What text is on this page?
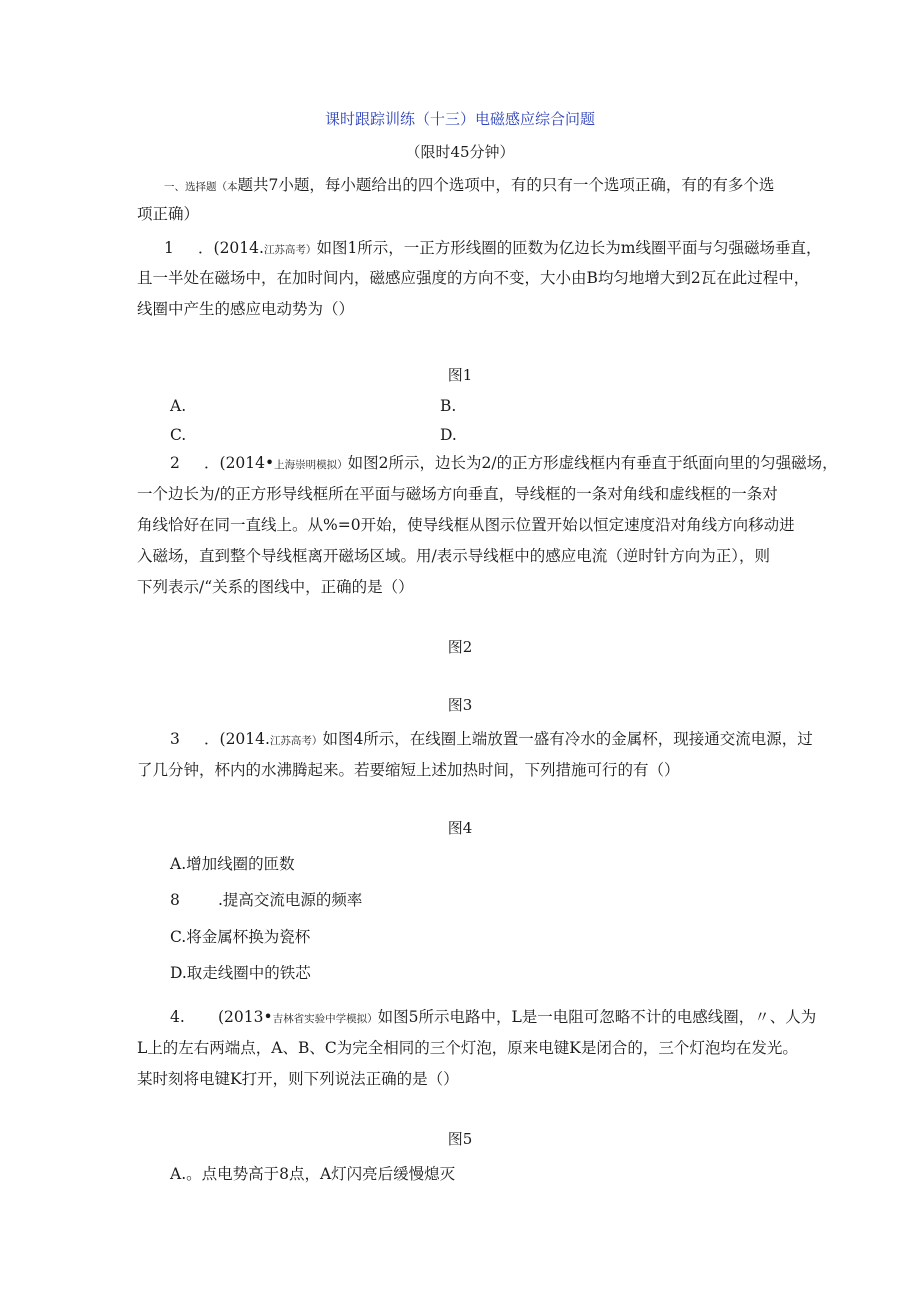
课时跟踪训练（十三）电磁感应综合问题
（限时45分钟）
一、选择题（本题共7小题，每小题给出的四个选项中，有的只有一个选项正确，有的有多个选
项正确）
1 ．(2014.江苏高考）如图1所示，一正方形线圈的匝数为亿边长为m线圈平面与匀强磁场垂直，
且一半处在磁场中，在加时间内，磁感应强度的方向不变，大小由B均匀地增大到2瓦在此过程中，
线圈中产生的感应电动势为（）
图1
A.	B.
C.	D.
2 ．(2014•上海崇明模拟）如图2所示，边长为2/的正方形虚线框内有垂直于纸面向里的匀强磁场，
一个边长为/的正方形导线框所在平面与磁场方向垂直，导线框的一条对角线和虚线框的一条对
角线恰好在同一直线上。从%=0开始，使导线框从图示位置开始以恒定速度沿对角线方向移动进
入磁场，直到整个导线框离开磁场区域。用/表示导线框中的感应电流（逆时针方向为正），则
下列表示/“关系的图线中，正确的是（）
图2
图3
3 ．(2014.江苏高考）如图4所示，在线圈上端放置一盛有冷水的金属杯，现接通交流电源，过
了几分钟，杯内的水沸腾起来。若要缩短上述加热时间，下列措施可行的有（）
图4
A.增加线圈的匝数
8 .提高交流电源的频率
C.将金属杯换为瓷杯
D.取走线圈中的铁芯
4. (2013•吉林省实验中学模拟）如图5所示电路中，L是一电阻可忽略不计的电感线圈，〃、人为
L上的左右两端点，A、B、C为完全相同的三个灯泡，原来电键K是闭合的，三个灯泡均在发光。
某时刻将电键K打开，则下列说法正确的是（）
图5
A.。点电势高于8点，A灯闪亮后缓慢熄灭
